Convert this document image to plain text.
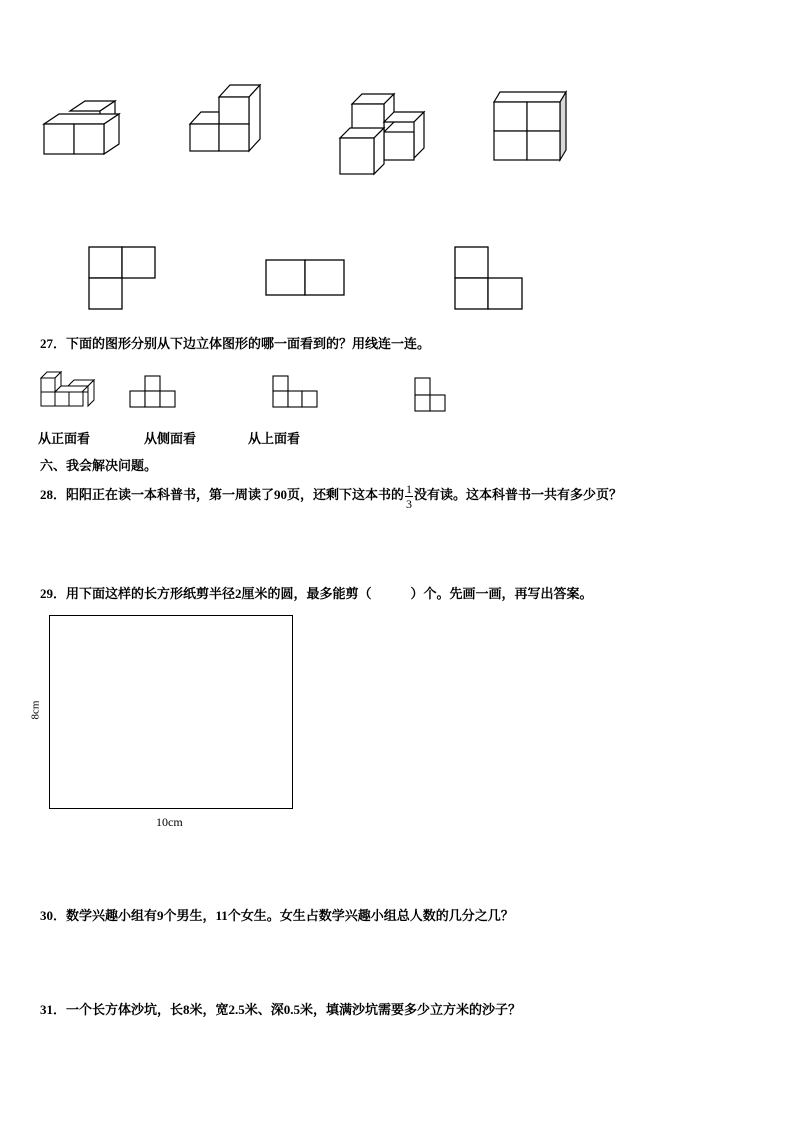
27．下面的图形分别从下边立体图形的哪一面看到的？用线连一连。
从正面看	从侧面看	从上面看
六、我会解决问题。
28．阳阳正在读一本科普书，第一周读了90页，还剩下这本书的 $\frac{1}{3}$ 没有读。这本科普书一共有多少页？
29．用下面这样的长方形纸剪半径2厘米的圆，最多能剪（　　　）个。先画一画，再写出答案。
8cm
10cm
30．数学兴趣小组有9个男生，11个女生。女生占数学兴趣小组总人数的几分之几？
31．一个长方体沙坑，长8米，宽2.5米、深0.5米，填满沙坑需要多少立方米的沙子？
